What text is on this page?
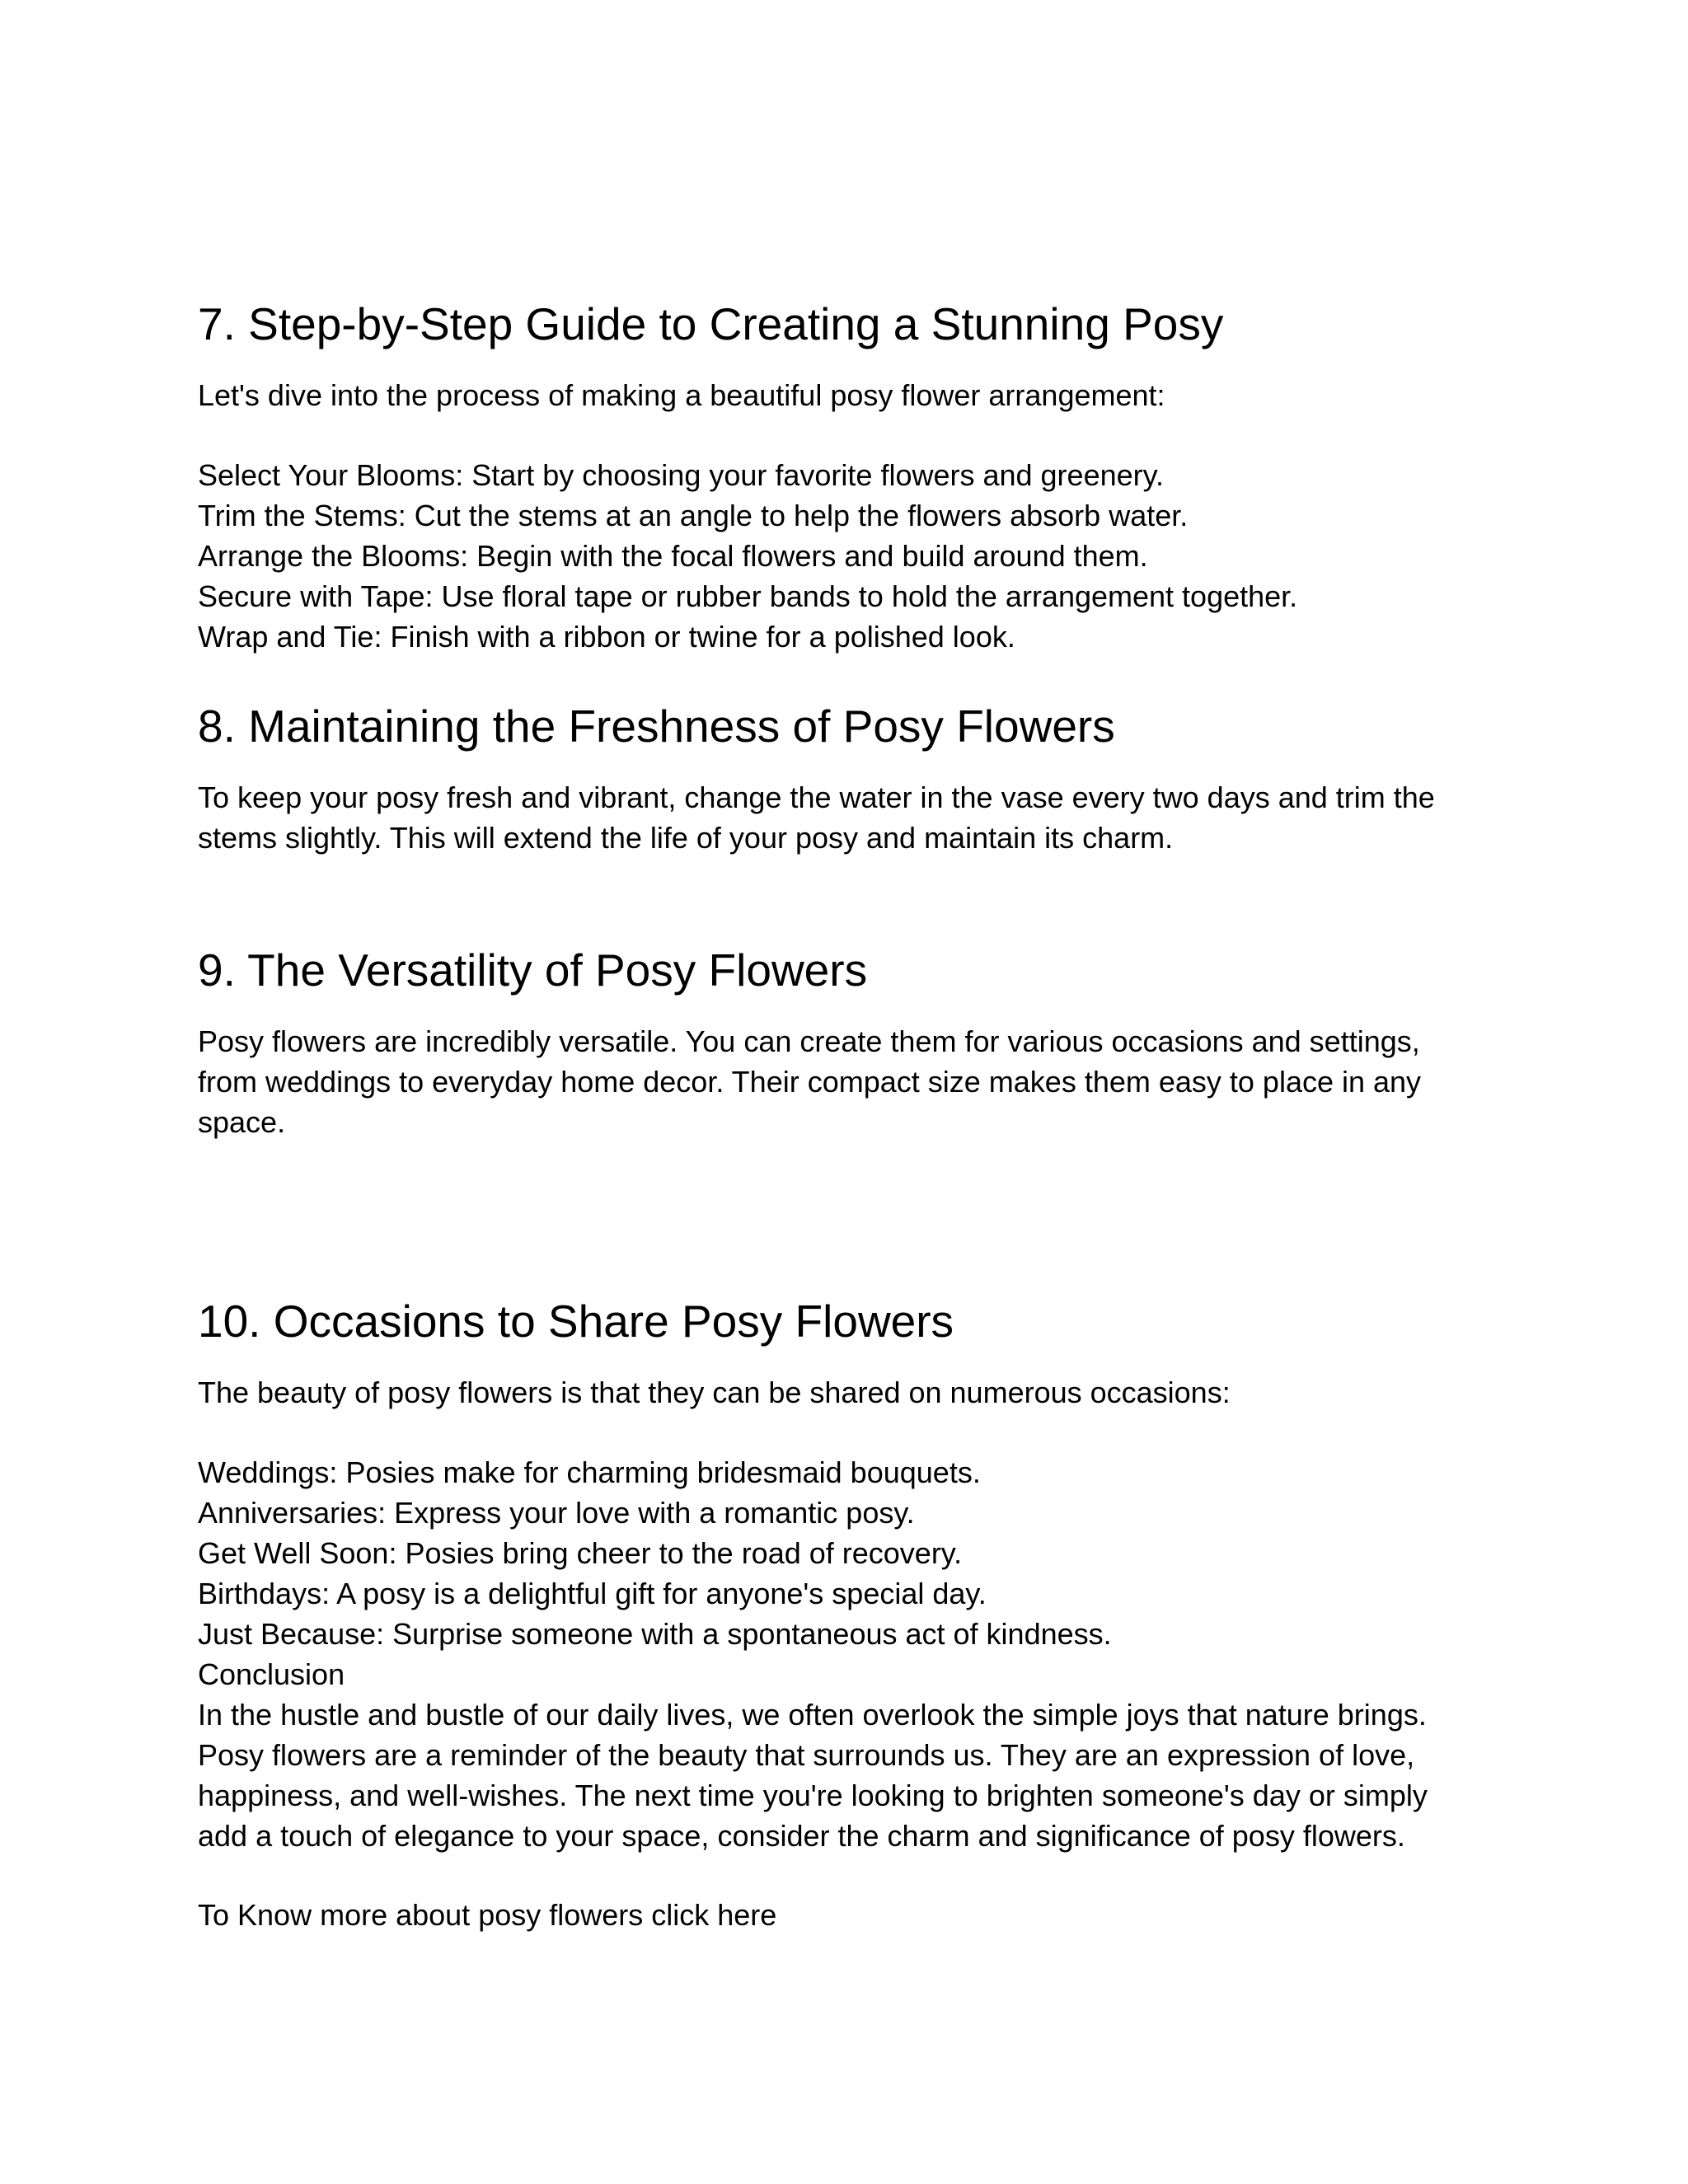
7. Step-by-Step Guide to Creating a Stunning Posy

Let's dive into the process of making a beautiful posy flower arrangement:

Select Your Blooms: Start by choosing your favorite flowers and greenery.
Trim the Stems: Cut the stems at an angle to help the flowers absorb water.
Arrange the Blooms: Begin with the focal flowers and build around them.
Secure with Tape: Use floral tape or rubber bands to hold the arrangement together.
Wrap and Tie: Finish with a ribbon or twine for a polished look.
8. Maintaining the Freshness of Posy Flowers
To keep your posy fresh and vibrant, change the water in the vase every two days and trim the
stems slightly. This will extend the life of your posy and maintain its charm.
9. The Versatility of Posy Flowers
Posy flowers are incredibly versatile. You can create them for various occasions and settings,
from weddings to everyday home decor. Their compact size makes them easy to place in any
space.
10. Occasions to Share Posy Flowers

The beauty of posy flowers is that they can be shared on numerous occasions:

Weddings: Posies make for charming bridesmaid bouquets.
Anniversaries: Express your love with a romantic posy.
Get Well Soon: Posies bring cheer to the road of recovery.
Birthdays: A posy is a delightful gift for anyone's special day.
Just Because: Surprise someone with a spontaneous act of kindness.
Conclusion
In the hustle and bustle of our daily lives, we often overlook the simple joys that nature brings.
Posy flowers are a reminder of the beauty that surrounds us. They are an expression of love,
happiness, and well-wishes. The next time you're looking to brighten someone's day or simply
add a touch of elegance to your space, consider the charm and significance of posy flowers.

To Know more about posy flowers click here
